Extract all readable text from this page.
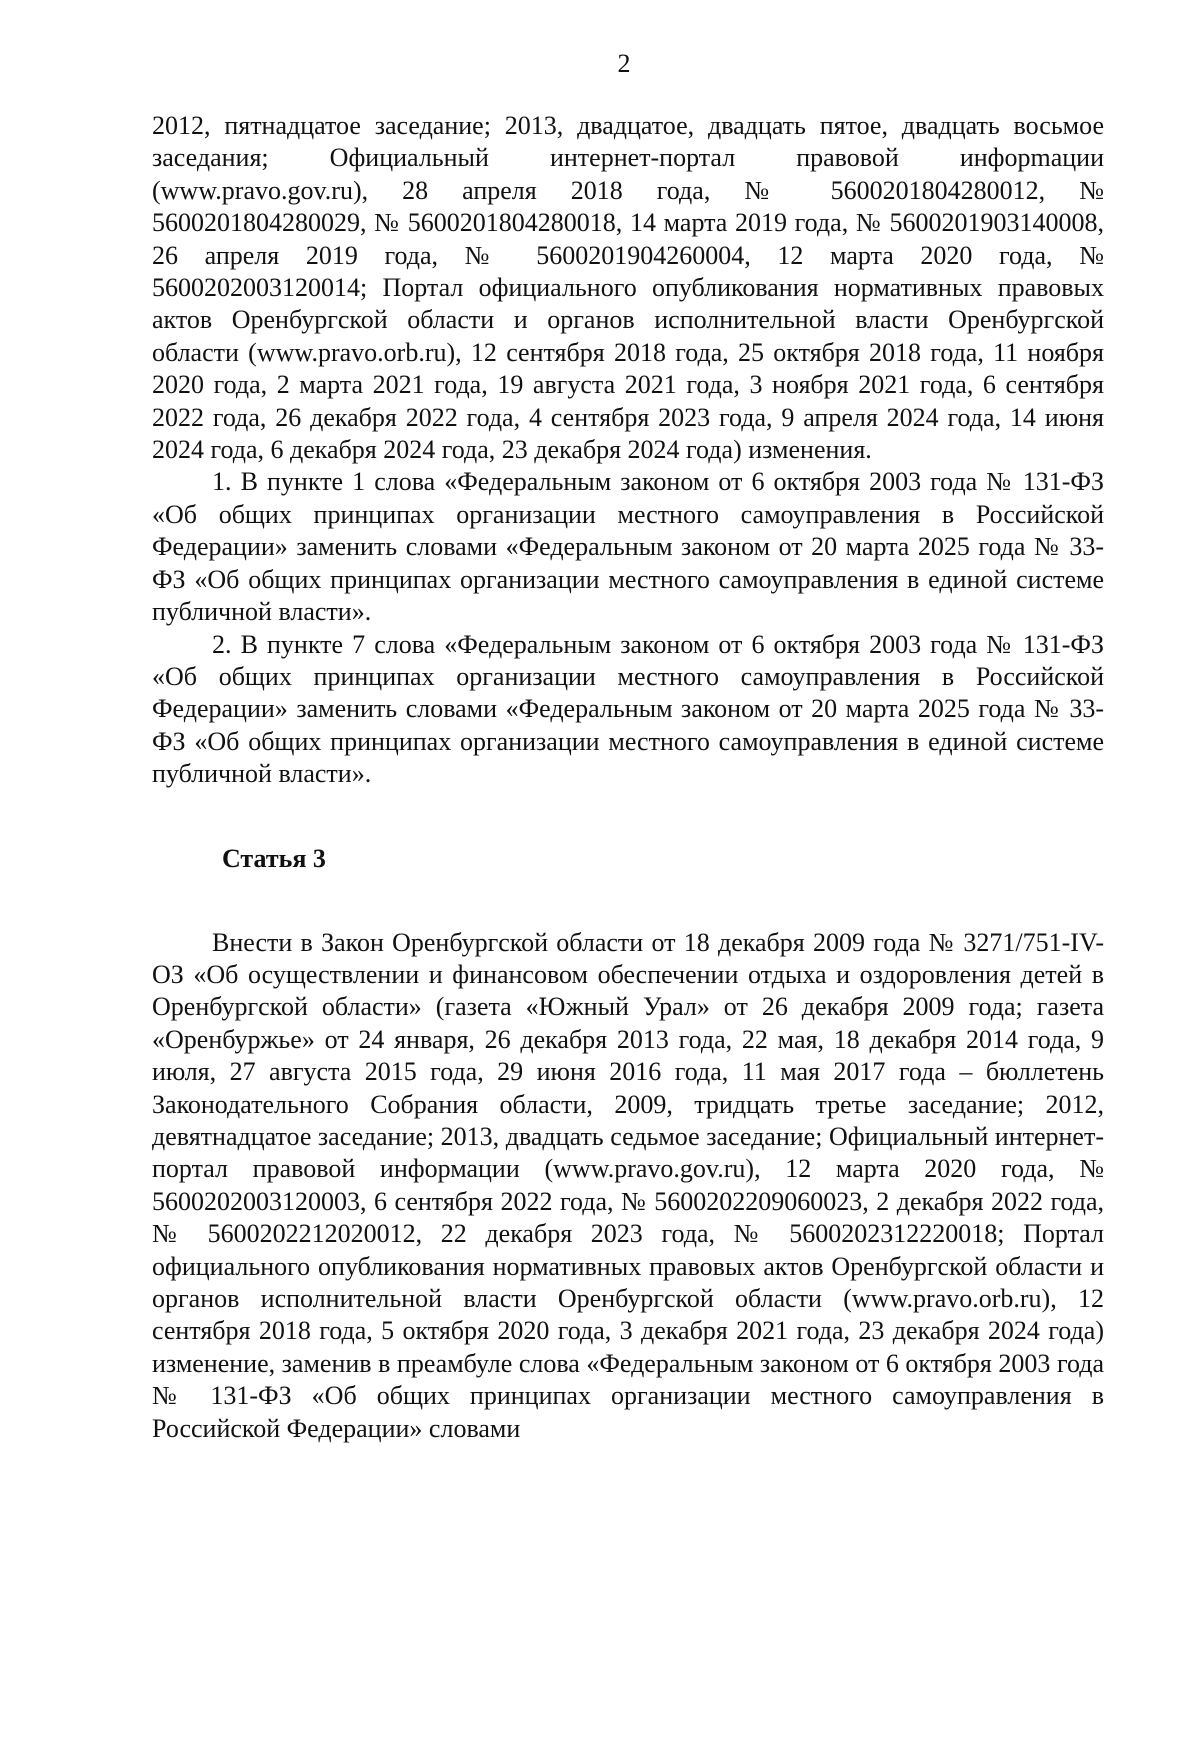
2

2012, пятнадцатое заседание; 2013, двадцатое, двадцать пятое, двадцать восьмое заседания; Официальный интернет-портал правовой инфорmации (www.pravo.gov.ru), 28 апреля 2018 года, № 5600201804280012, № 5600201804280029, № 5600201804280018, 14 марта 2019 года, № 5600201903140008, 26 апреля 2019 года, № 5600201904260004, 12 марта 2020 года, № 5600202003120014; Портал официального опубликования нормативных правовых актов Оренбургской области и органов исполнительной власти Оренбургской области (www.pravo.orb.ru), 12 сентября 2018 года, 25 октября 2018 года, 11 ноября 2020 года, 2 марта 2021 года, 19 августа 2021 года, 3 ноября 2021 года, 6 сентября 2022 года, 26 декабря 2022 года, 4 сентября 2023 года, 9 апреля 2024 года, 14 июня 2024 года, 6 декабря 2024 года, 23 декабря 2024 года) изменения.

1. В пункте 1 слова «Федеральным законом от 6 октября 2003 года № 131-ФЗ «Об общих принципах организации местного самоуправления в Российской Федерации» заменить словами «Федеральным законом от 20 марта 2025 года № 33-ФЗ «Об общих принципах организации местного самоуправления в единой системе публичной власти».

2. В пункте 7 слова «Федеральным законом от 6 октября 2003 года № 131-ФЗ «Об общих принципах организации местного самоуправления в Российской Федерации» заменить словами «Федеральным законом от 20 марта 2025 года № 33-ФЗ «Об общих принципах организации местного самоуправления в единой системе публичной власти».

Статья 3

Внести в Закон Оренбургской области от 18 декабря 2009 года № 3271/751-IV-ОЗ «Об осуществлении и финансовом обеспечении отдыха и оздоровления детей в Оренбургской области» (газета «Южный Урал» от 26 декабря 2009 года; газета «Оренбуржье» от 24 января, 26 декабря 2013 года, 22 мая, 18 декабря 2014 года, 9 июля, 27 августа 2015 года, 29 июня 2016 года, 11 мая 2017 года – бюллетень Законодательного Собрания области, 2009, тридцать третье заседание; 2012, девятнадцатое заседание; 2013, двадцать седьмое заседание; Официальный интернет-портал правовой информации (www.pravo.gov.ru), 12 марта 2020 года, № 5600202003120003, 6 сентября 2022 года, № 5600202209060023, 2 декабря 2022 года, № 5600202212020012, 22 декабря 2023 года, № 5600202312220018; Портал официального опубликования нормативных правовых актов Оренбургской области и органов исполнительной власти Оренбургской области (www.pravo.orb.ru), 12 сентября 2018 года, 5 октября 2020 года, 3 декабря 2021 года, 23 декабря 2024 года) изменение, заменив в преамбуле слова «Федеральным законом от 6 октября 2003 года № 131-ФЗ «Об общих принципах организации местного самоуправления в Российской Федерации» словами
